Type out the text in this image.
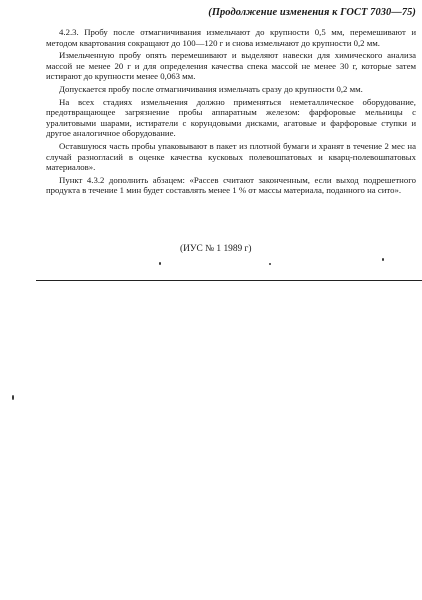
(Продолжение изменения к ГОСТ 7030—75)

4.2.3. Пробу после отмагничивания измельчают до крупности 0,5 мм, перемешивают и методом квартования сокращают до 100—120 г и снова измельчают до крупности 0,2 мм.

Измельченную пробу опять перемешивают и выделяют навески для химического анализа массой не менее 20 г и для определения качества спека массой не менее 30 г, которые затем истирают до крупности менее 0,063 мм.

Допускается пробу после отмагничивания измельчать сразу до крупности 0,2 мм.

На всех стадиях измельчения должно применяться неметаллическое оборудование, предотвращающее загрязнение пробы аппаратным железом: фарфоровые мельницы с уралитовыми шарами, истиратели с корундовыми дисками, агатовые и фарфоровые ступки и другое аналогичное оборудование.

Оставшуюся часть пробы упаковывают в пакет из плотной бумаги и хранят в течение 2 мес на случай разногласий в оценке качества кусковых полевошпатовых и кварц-полевошпатовых материалов».

Пункт 4.3.2 дополнить абзацем: «Рассев считают законченным, если выход подрешетного продукта в течение 1 мин будет составлять менее 1 % от массы материала, поданного на сито».

(ИУС № 1 1989 г)
